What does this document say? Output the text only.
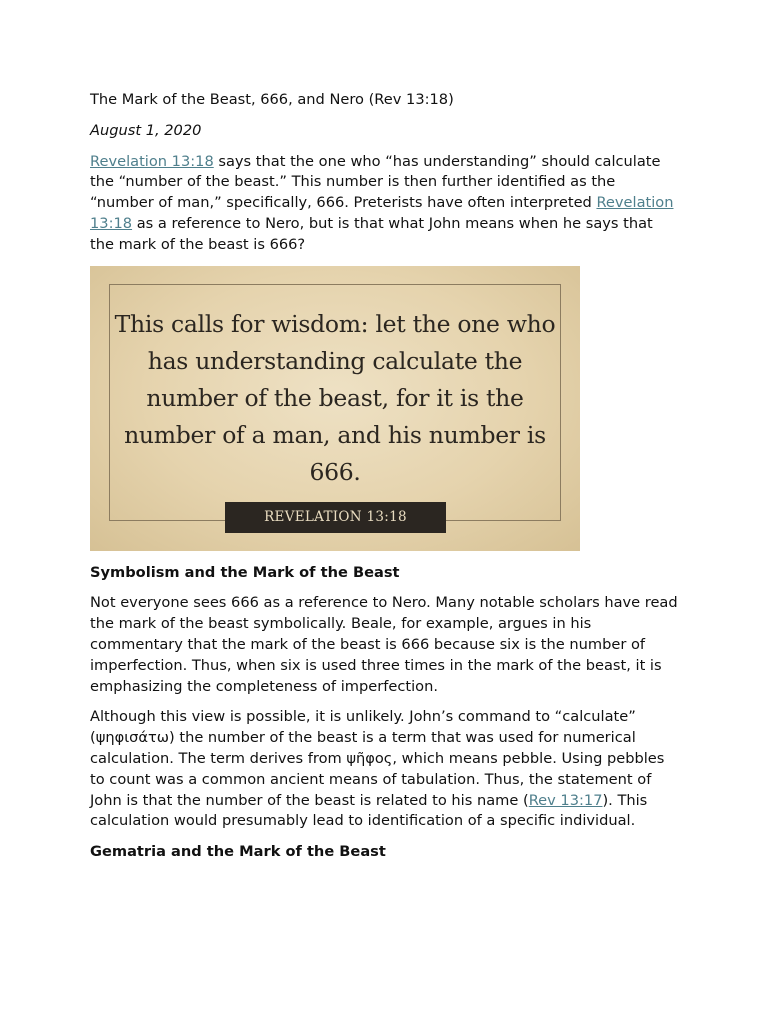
The Mark of the Beast, 666, and Nero (Rev 13:18)
August 1, 2020
Revelation 13:18 says that the one who “has understanding” should calculate the “number of the beast.” This number is then further identified as the “number of man,” specifically, 666. Preterists have often interpreted Revelation 13:18 as a reference to Nero, but is that what John means when he says that the mark of the beast is 666?
This calls for wisdom: let the one who has understanding calculate the number of the beast, for it is the number of a man, and his number is 666.
REVELATION 13:18
Symbolism and the Mark of the Beast
Not everyone sees 666 as a reference to Nero. Many notable scholars have read the mark of the beast symbolically. Beale, for example, argues in his commentary that the mark of the beast is 666 because six is the number of imperfection. Thus, when six is used three times in the mark of the beast, it is emphasizing the completeness of imperfection.
Although this view is possible, it is unlikely. John’s command to “calculate” (ψηφισάτω) the number of the beast is a term that was used for numerical calculation. The term derives from ψῆφος, which means pebble. Using pebbles to count was a common ancient means of tabulation. Thus, the statement of John is that the number of the beast is related to his name (Rev 13:17). This calculation would presumably lead to identification of a specific individual.
Gematria and the Mark of the Beast
